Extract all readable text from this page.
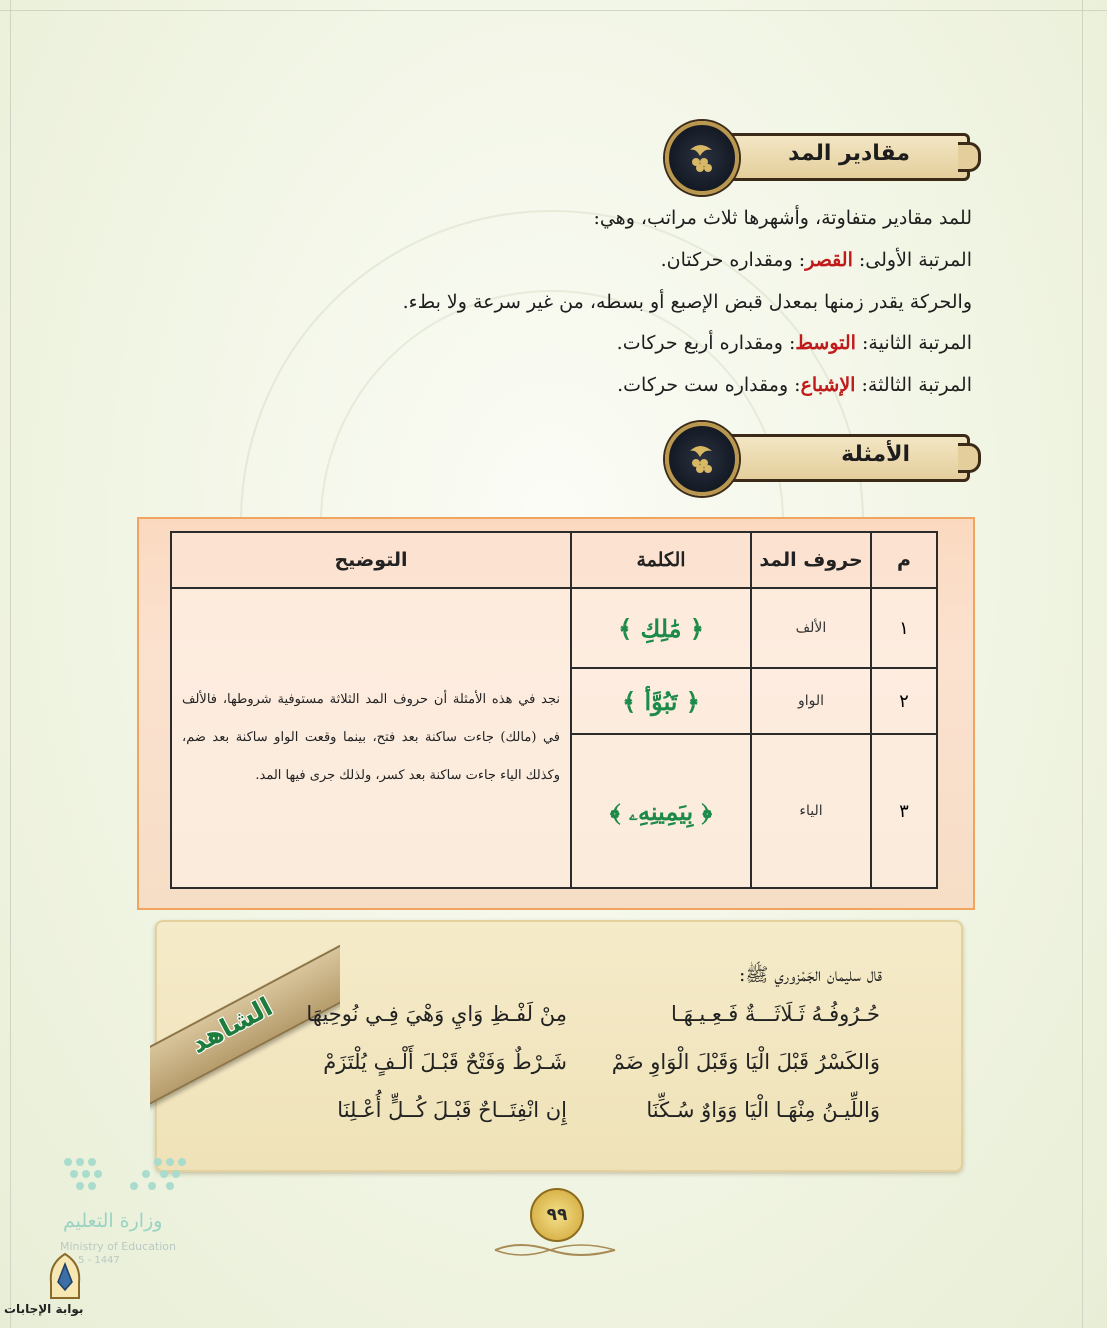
مقادير المد
للمد مقادير متفاوتة، وأشهرها ثلاث مراتب، وهي:
المرتبة الأولى: القصر: ومقداره حركتان.
والحركة يقدر زمنها بمعدل قبض الإصبع أو بسطه، من غير سرعة ولا بطء.
المرتبة الثانية: التوسط: ومقداره أربع حركات.
المرتبة الثالثة: الإشباع: ومقداره ست حركات.
الأمثلة
م	حروف المد	الكلمة	التوضيح
١	الألف	﴿ مَٰلِكِ ﴾	نجد في هذه الأمثلة أن حروف المد الثلاثة مستوفية شروطها، فالألف في (مالك) جاءت ساكنة بعد فتح، بينما وقعت الواو ساكنة بعد ضم، وكذلك الياء جاءت ساكنة بعد كسر، ولذلك جرى فيها المد.
٢	الواو	﴿ تَبُوَّأ ﴾	
٣	الياء	﴿ بِيَمِينِهِۦ ﴾	
الشاهد
قال سليمان الجَمْزوري ﷺ:
حُـرُوفُـهُ ثَـلَاثَـــةٌ فَـعِـيـهَـا
مِنْ لَفْـظِ وَايِ وَهْيَ فِـي نُوحِيهَا
وَالكَسْرُ قَبْلَ الْيَا وَقَبْلَ الْوَاوِ ضَمْ
شَـرْطٌ وَفَتْحٌ قَبْـلَ أَلْـفٍ يُلْتَزَمْ
وَاللِّيـنُ مِنْهَـا الْيَا وَوَاوٌ سُـكِّنَا
إِن انْفِتَــاحٌ قَبْـلَ كُــلٍّ أُعْـلِنَا
٩٩
وزارة التعليم
Ministry of Education
5 - 1447
بوابة الإجابات
